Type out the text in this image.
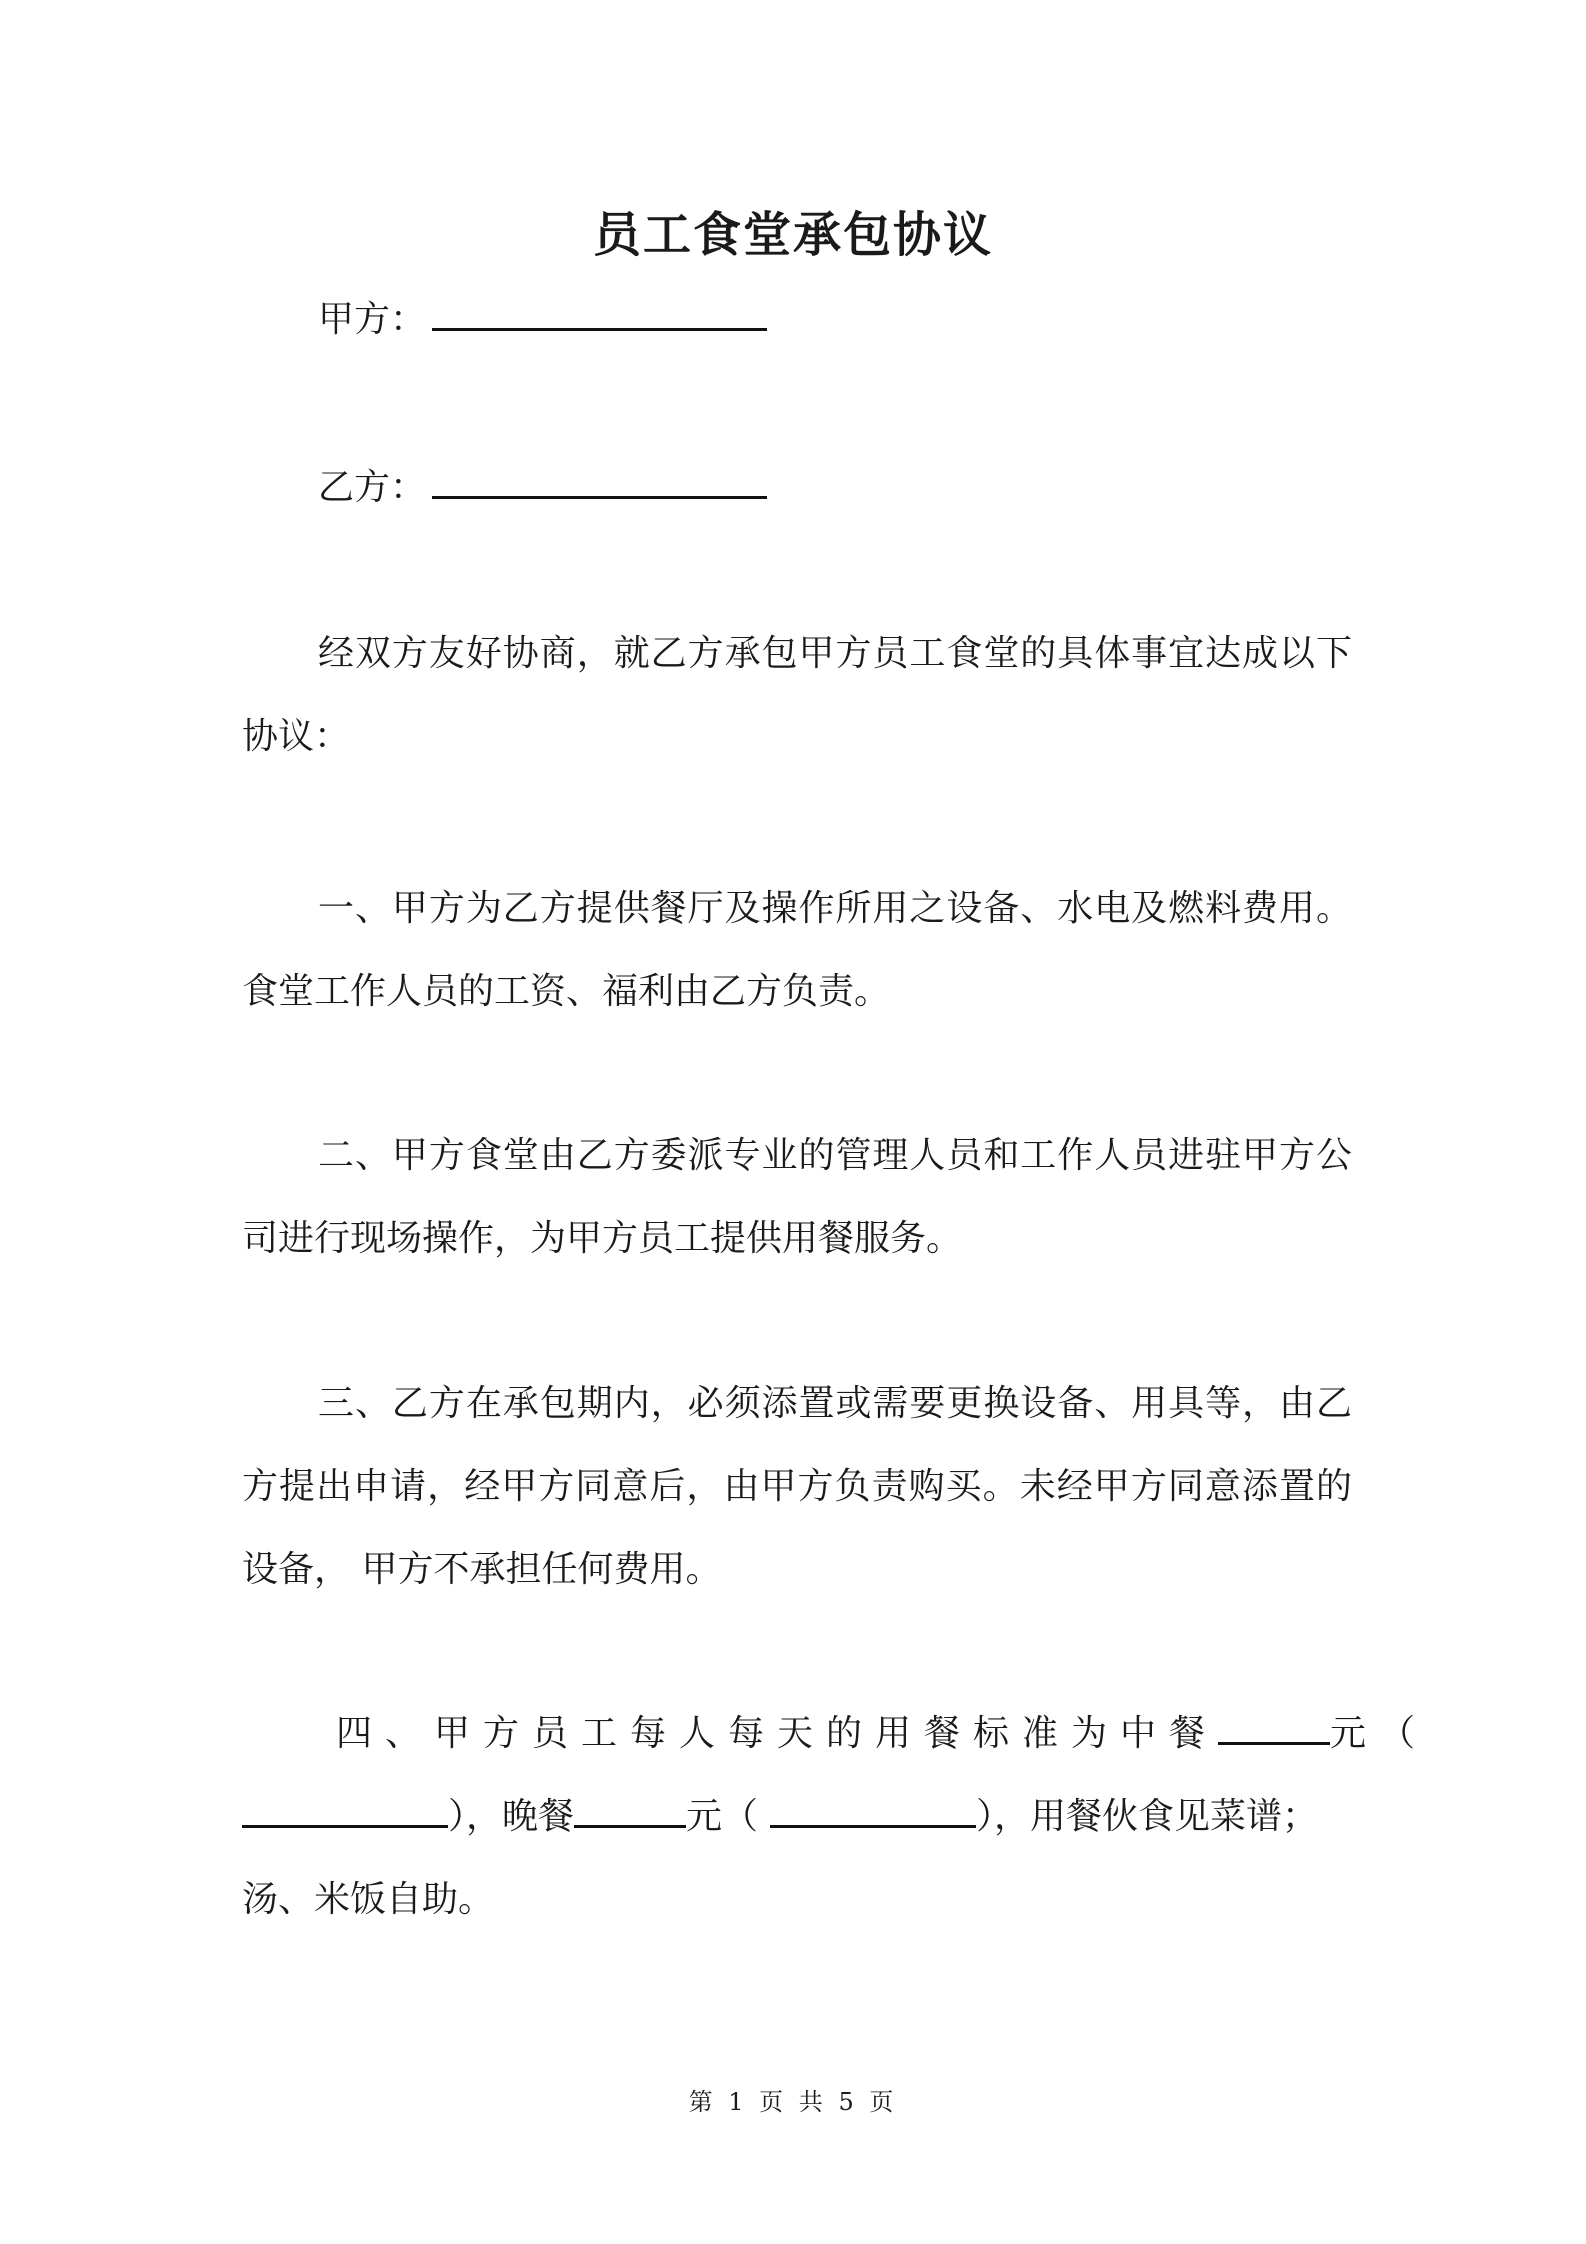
员工食堂承包协议
甲方：
乙方：
经双方友好协商，就乙方承包甲方员工食堂的具体事宜达成以下协议：
一、甲方为乙方提供餐厅及操作所用之设备、水电及燃料费用。食堂工作人员的工资、福利由乙方负责。
二、甲方食堂由乙方委派专业的管理人员和工作人员进驻甲方公司进行现场操作，为甲方员工提供用餐服务。
三、乙方在承包期内，必须添置或需要更换设备、用具等，由乙方提出申请，经甲方同意后，由甲方负责购买。未经甲方同意添置的设备， 甲方不承担任何费用。
四、甲方员工每人每天的用餐标准为中餐	元（
），晚餐	元（	），用餐伙食见菜谱；
汤、米饭自助。
第 1 页 共 5 页
